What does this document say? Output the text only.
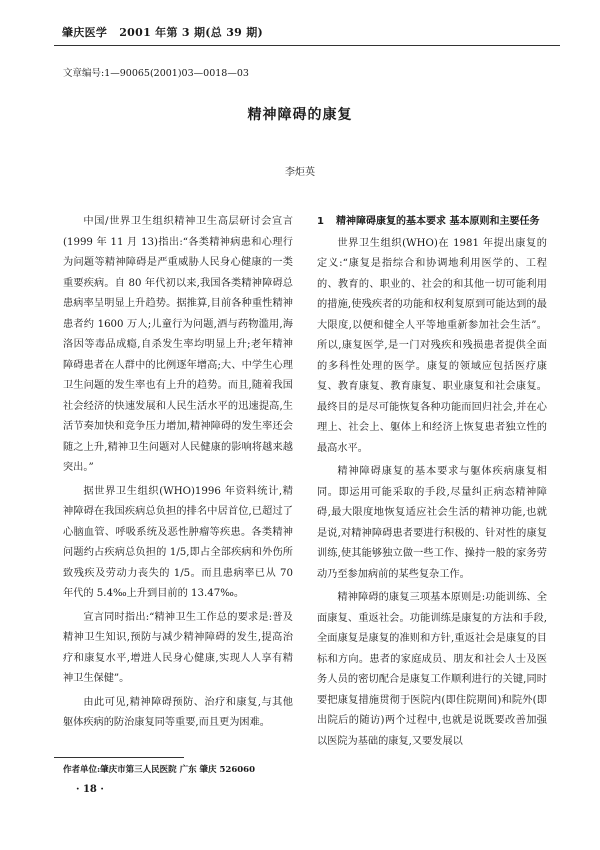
肇庆医学 2001 年第 3 期(总 39 期)
文章编号:1—90065(2001)03—0018—03
精神障碍的康复
李炬英

中国/世界卫生组织精神卫生高层研讨会宣言(1999 年 11 月 13)指出:“各类精神病患和心理行为问题等精神障碍是严重威胁人民身心健康的一类重要疾病。自 80 年代初以来,我国各类精神障碍总患病率呈明显上升趋势。据推算,目前各种重性精神患者约 1600 万人;儿童行为问题,酒与药物滥用,海洛因等毒品成瘾,自杀发生率均明显上升;老年精神障碍患者在人群中的比例逐年增高;大、中学生心理卫生问题的发生率也有上升的趋势。而且,随着我国社会经济的快速发展和人民生活水平的迅速提高,生活节奏加快和竞争压力增加,精神障碍的发生率还会随之上升,精神卫生问题对人民健康的影响将越来越突出。”

据世界卫生组织(WHO)1996 年资料统计,精神障碍在我国疾病总负担的排名中居首位,已超过了心脑血管、呼吸系统及恶性肿瘤等疾患。各类精神问题约占疾病总负担的 1/5,即占全部疾病和外伤所致残疾及劳动力丧失的 1/5。而且患病率已从 70 年代的 5.4‰上升到目前的 13.47‰。

宣言同时指出:“精神卫生工作总的要求是:普及精神卫生知识,预防与减少精神障碍的发生,提高治疗和康复水平,增进人民身心健康,实现人人享有精神卫生保健”。

由此可见,精神障碍预防、治疗和康复,与其他躯体疾病的防治康复同等重要,而且更为困难。

1 精神障碍康复的基本要求 基本原则和主要任务

世界卫生组织(WHO)在 1981 年提出康复的定义:“康复是指综合和协调地利用医学的、工程的、教育的、职业的、社会的和其他一切可能利用的措施,使残疾者的功能和权利复原到可能达到的最大限度,以便和健全人平等地重新参加社会生活”。所以,康复医学,是一门对残疾和残损患者提供全面的多科性处理的医学。康复的领域应包括医疗康复、教育康复、教育康复、职业康复和社会康复。最终目的是尽可能恢复各种功能而回归社会,并在心理上、社会上、躯体上和经济上恢复患者独立性的最高水平。

精神障碍康复的基本要求与躯体疾病康复相同。即运用可能采取的手段,尽量纠正病态精神障碍,最大限度地恢复适应社会生活的精神功能,也就是说,对精神障碍患者要进行积极的、针对性的康复训练,使其能够独立做一些工作、操持一般的家务劳动乃至参加病前的某些复杂工作。

精神障碍的康复三项基本原则是:功能训练、全面康复、重返社会。功能训练是康复的方法和手段,全面康复是康复的准则和方针,重返社会是康复的目标和方向。患者的家庭成员、朋友和社会人士及医务人员的密切配合是康复工作顺利进行的关键,同时要把康复措施贯彻于医院内(即住院期间)和院外(即出院后的随访)两个过程中,也就是说既要改善加强以医院为基础的康复,又要发展以

作者单位:肇庆市第三人民医院 广东 肇庆 526060
· 18 ·
